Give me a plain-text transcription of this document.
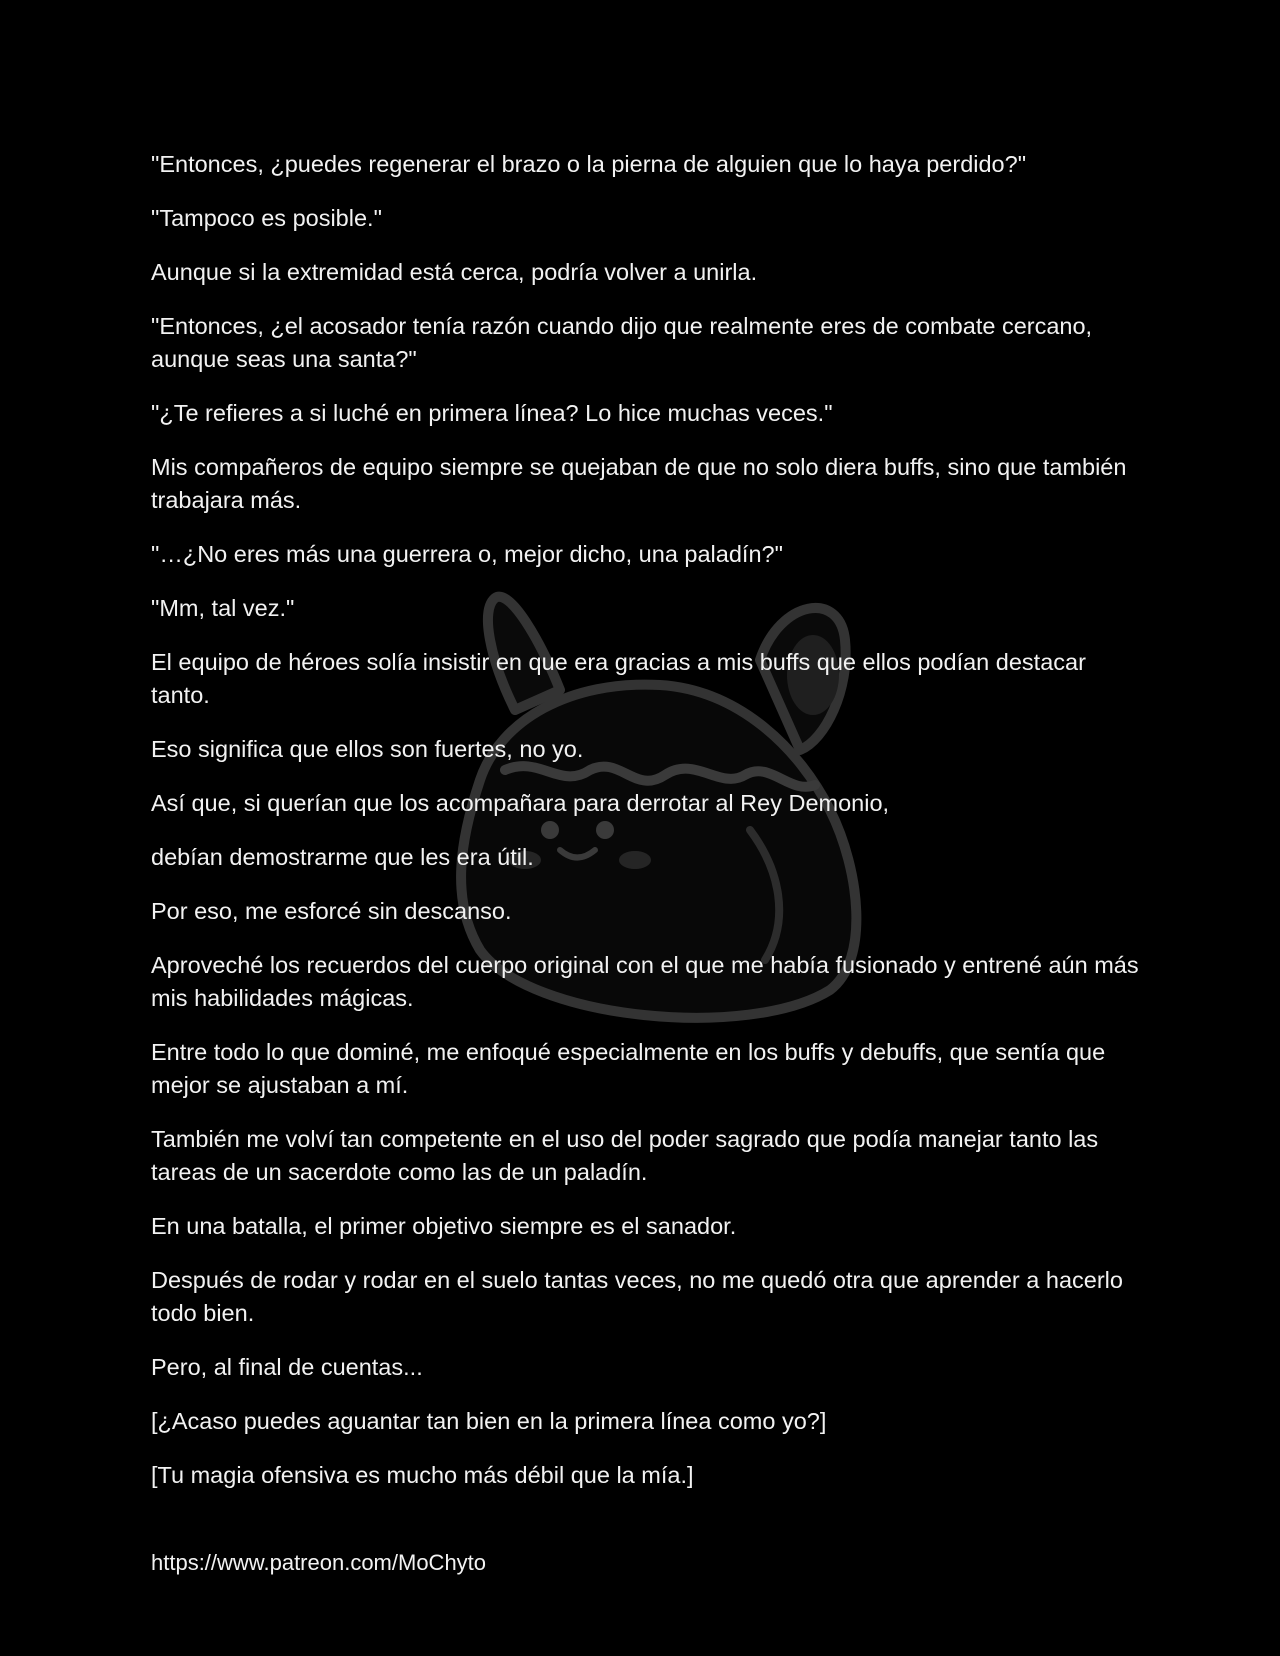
"Entonces, ¿puedes regenerar el brazo o la pierna de alguien que lo haya perdido?"

"Tampoco es posible."

Aunque si la extremidad está cerca, podría volver a unirla.

"Entonces, ¿el acosador tenía razón cuando dijo que realmente eres de combate cercano, aunque seas una santa?"

"¿Te refieres a si luché en primera línea? Lo hice muchas veces."

Mis compañeros de equipo siempre se quejaban de que no solo diera buffs, sino que también trabajara más.

"…¿No eres más una guerrera o, mejor dicho, una paladín?"

"Mm, tal vez."

El equipo de héroes solía insistir en que era gracias a mis buffs que ellos podían destacar tanto.

Eso significa que ellos son fuertes, no yo.

Así que, si querían que los acompañara para derrotar al Rey Demonio,

debían demostrarme que les era útil.

Por eso, me esforcé sin descanso.

Aproveché los recuerdos del cuerpo original con el que me había fusionado y entrené aún más mis habilidades mágicas.

Entre todo lo que dominé, me enfoqué especialmente en los buffs y debuffs, que sentía que mejor se ajustaban a mí.

También me volví tan competente en el uso del poder sagrado que podía manejar tanto las tareas de un sacerdote como las de un paladín.

En una batalla, el primer objetivo siempre es el sanador.

Después de rodar y rodar en el suelo tantas veces, no me quedó otra que aprender a hacerlo todo bien.

Pero, al final de cuentas...

[¿Acaso puedes aguantar tan bien en la primera línea como yo?]

[Tu magia ofensiva es mucho más débil que la mía.]

https://www.patreon.com/MoChyto
